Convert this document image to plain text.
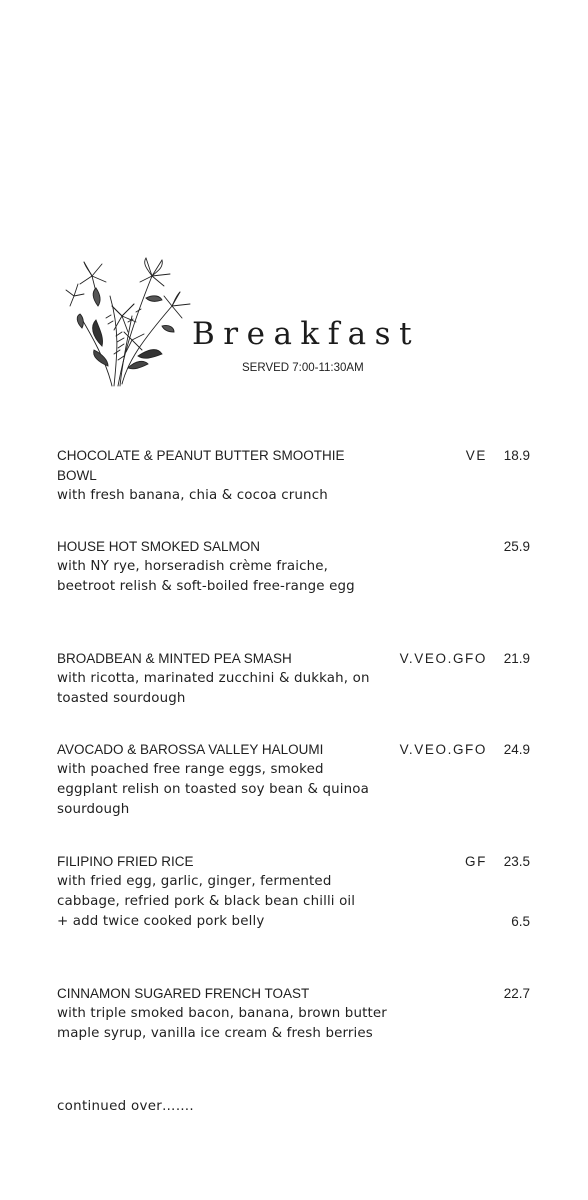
Breakfast
SERVED 7:00-11:30AM
CHOCOLATE & PEANUT BUTTER SMOOTHIE BOWL
with fresh banana, chia & cocoa crunch
VE 18.9
HOUSE HOT SMOKED SALMON
with NY rye, horseradish crème fraiche, beetroot relish & soft-boiled free-range egg
25.9
BROADBEAN & MINTED PEA SMASH
with ricotta, marinated zucchini & dukkah, on toasted sourdough
V.VEO.GFO 21.9
AVOCADO & BAROSSA VALLEY HALOUMI
with poached free range eggs, smoked eggplant relish on toasted soy bean & quinoa sourdough
V.VEO.GFO 24.9
FILIPINO FRIED RICE
with fried egg, garlic, ginger, fermented cabbage, refried pork & black bean chilli oil
+ add twice cooked pork belly	6.5
GF 23.5
CINNAMON SUGARED FRENCH TOAST
with triple smoked bacon, banana, brown butter maple syrup, vanilla ice cream & fresh berries
22.7
continued over…….
